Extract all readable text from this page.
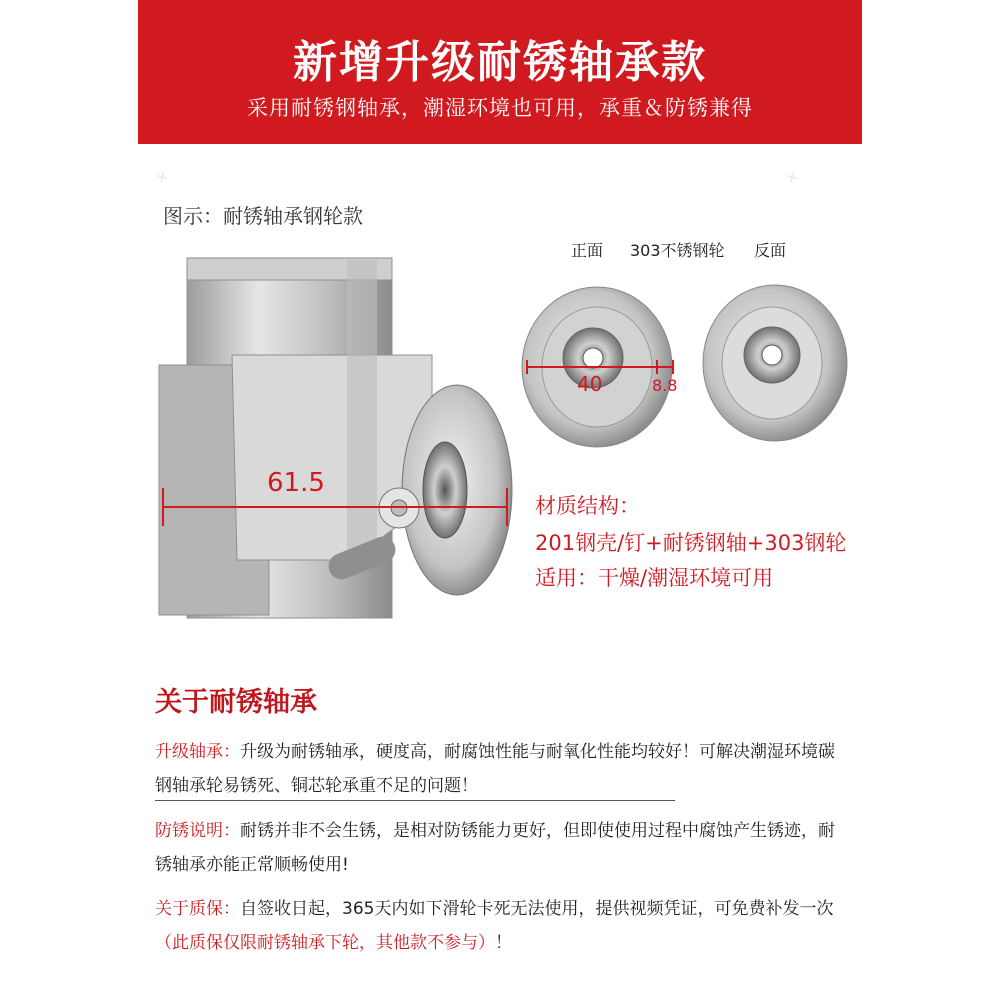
✕	✕
新增升级耐锈轴承款
采用耐锈钢轴承，潮湿环境也可用，承重＆防锈兼得
图示：耐锈轴承钢轮款
正面 303不锈钢轮 反面
40	8.8
61.5
材质结构：
201钢壳/钉+耐锈钢轴+303钢轮
适用：干燥/潮湿环境可用
关于耐锈轴承
升级轴承：升级为耐锈轴承，硬度高，耐腐蚀性能与耐氧化性能均较好！可解决潮湿环境碳钢轴承轮易锈死、铜芯轮承重不足的问题！
防锈说明：耐锈并非不会生锈，是相对防锈能力更好，但即使使用过程中腐蚀产生锈迹，耐锈轴承亦能正常顺畅使用!
关于质保：自签收日起，365天内如下滑轮卡死无法使用，提供视频凭证，可免费补发一次（此质保仅限耐锈轴承下轮，其他款不参与）！
